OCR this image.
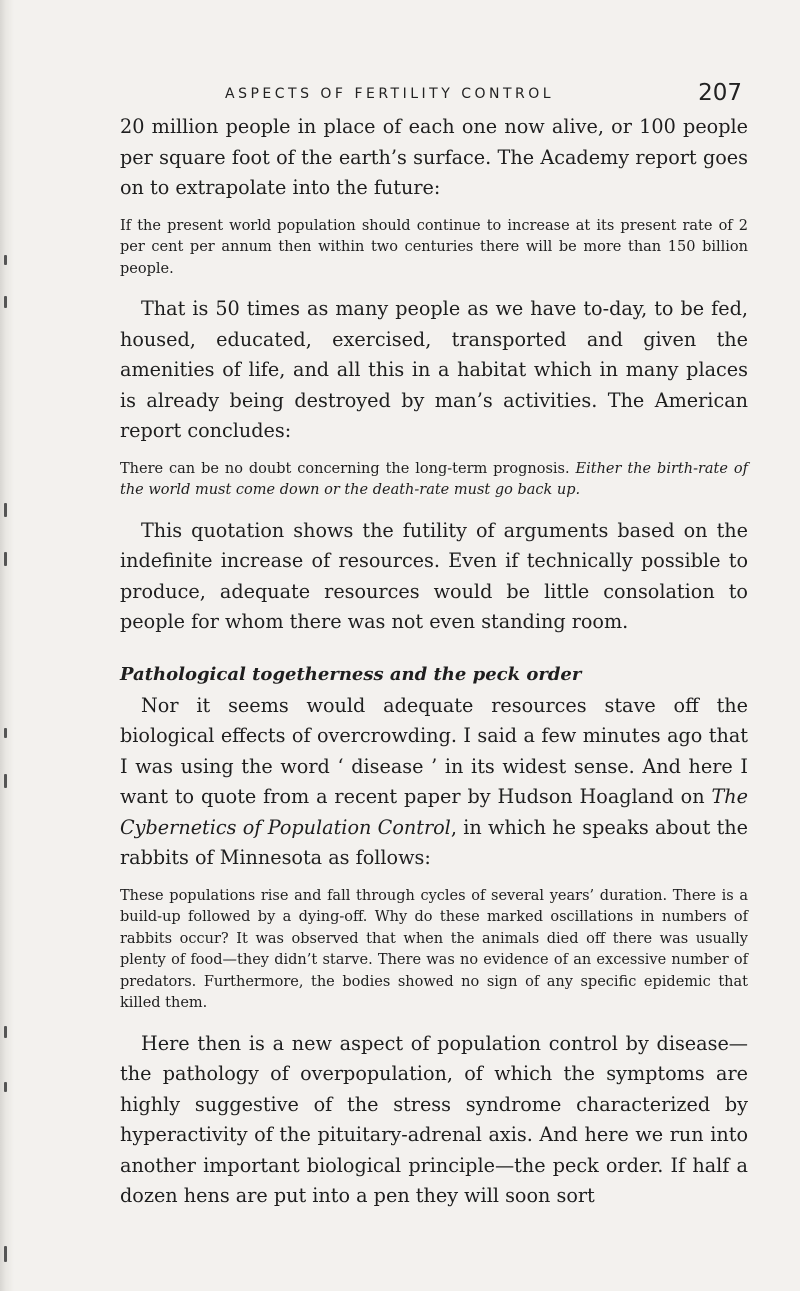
ASPECTS OF FERTILITY CONTROL	207

20 million people in place of each one now alive, or 100 people per square foot of the earth’s surface. The Academy report goes on to extrapolate into the future:

If the present world population should continue to increase at its present rate of 2 per cent per annum then within two centuries there will be more than 150 billion people.

That is 50 times as many people as we have to-day, to be fed, housed, educated, exercised, transported and given the amenities of life, and all this in a habitat which in many places is already being destroyed by man’s activities. The American report concludes:

There can be no doubt concerning the long-term prognosis. Either the birth-rate of the world must come down or the death-rate must go back up.

This quotation shows the futility of arguments based on the indefinite increase of resources. Even if technically possible to produce, adequate resources would be little consolation to people for whom there was not even standing room.

Pathological togetherness and the peck order

Nor it seems would adequate resources stave off the biological effects of overcrowding. I said a few minutes ago that I was using the word ‘ disease ’ in its widest sense. And here I want to quote from a recent paper by Hudson Hoagland on The Cybernetics of Population Control, in which he speaks about the rabbits of Minnesota as follows:

These populations rise and fall through cycles of several years’ duration. There is a build-up followed by a dying-off. Why do these marked oscillations in numbers of rabbits occur? It was observed that when the animals died off there was usually plenty of food—they didn’t starve. There was no evidence of an excessive number of predators. Furthermore, the bodies showed no sign of any specific epidemic that killed them.

Here then is a new aspect of population control by disease—the pathology of overpopulation, of which the symptoms are highly suggestive of the stress syndrome characterized by hyperactivity of the pituitary-adrenal axis. And here we run into another important biological principle—the peck order. If half a dozen hens are put into a pen they will soon sort
